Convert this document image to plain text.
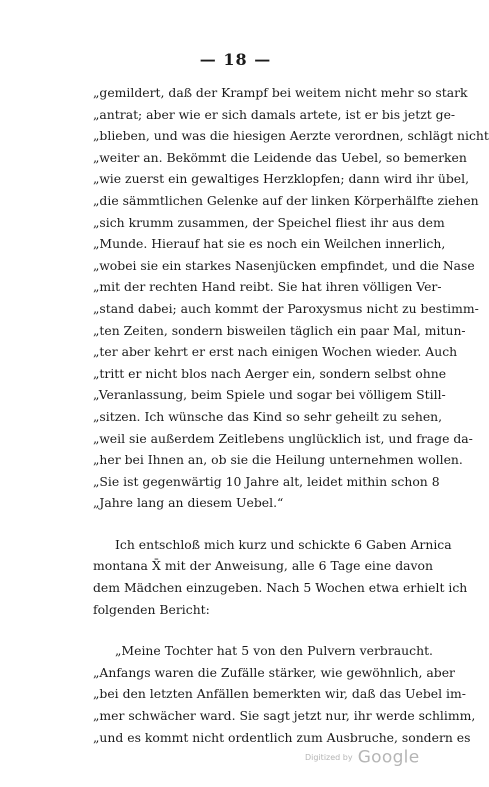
— 18 —
„gemildert, daß der Krampf bei weitem nicht mehr so stark
„antrat; aber wie er sich damals artete, ist er bis jetzt ge-
„blieben, und was die hiesigen Aerzte verordnen, schlägt nicht
„weiter an. Bekömmt die Leidende das Uebel, so bemerken
„wie zuerst ein gewaltiges Herzklopfen; dann wird ihr übel,
„die sämmtlichen Gelenke auf der linken Körperhälfte ziehen
„sich krumm zusammen, der Speichel fliest ihr aus dem
„Munde. Hierauf hat sie es noch ein Weilchen innerlich,
„wobei sie ein starkes Nasenjücken empfindet, und die Nase
„mit der rechten Hand reibt. Sie hat ihren völligen Ver-
„stand dabei; auch kommt der Paroxysmus nicht zu bestimm-
„ten Zeiten, sondern bisweilen täglich ein paar Mal, mitun-
„ter aber kehrt er erst nach einigen Wochen wieder. Auch
„tritt er nicht blos nach Aerger ein, sondern selbst ohne
„Veranlassung, beim Spiele und sogar bei völligem Still-
„sitzen. Ich wünsche das Kind so sehr geheilt zu sehen,
„weil sie außerdem Zeitlebens unglücklich ist, und frage da-
„her bei Ihnen an, ob sie die Heilung unternehmen wollen.
„Sie ist gegenwärtig 10 Jahre alt, leidet mithin schon 8
„Jahre lang an diesem Uebel.“
Ich entschloß mich kurz und schickte 6 Gaben Arnica
montana X̄ mit der Anweisung, alle 6 Tage eine davon
dem Mädchen einzugeben. Nach 5 Wochen etwa erhielt ich
folgenden Bericht:
„Meine Tochter hat 5 von den Pulvern verbraucht.
„Anfangs waren die Zufälle stärker, wie gewöhnlich, aber
„bei den letzten Anfällen bemerkten wir, daß das Uebel im-
„mer schwächer ward. Sie sagt jetzt nur, ihr werde schlimm,
„und es kommt nicht ordentlich zum Ausbruche, sondern es
Digitized by Google
